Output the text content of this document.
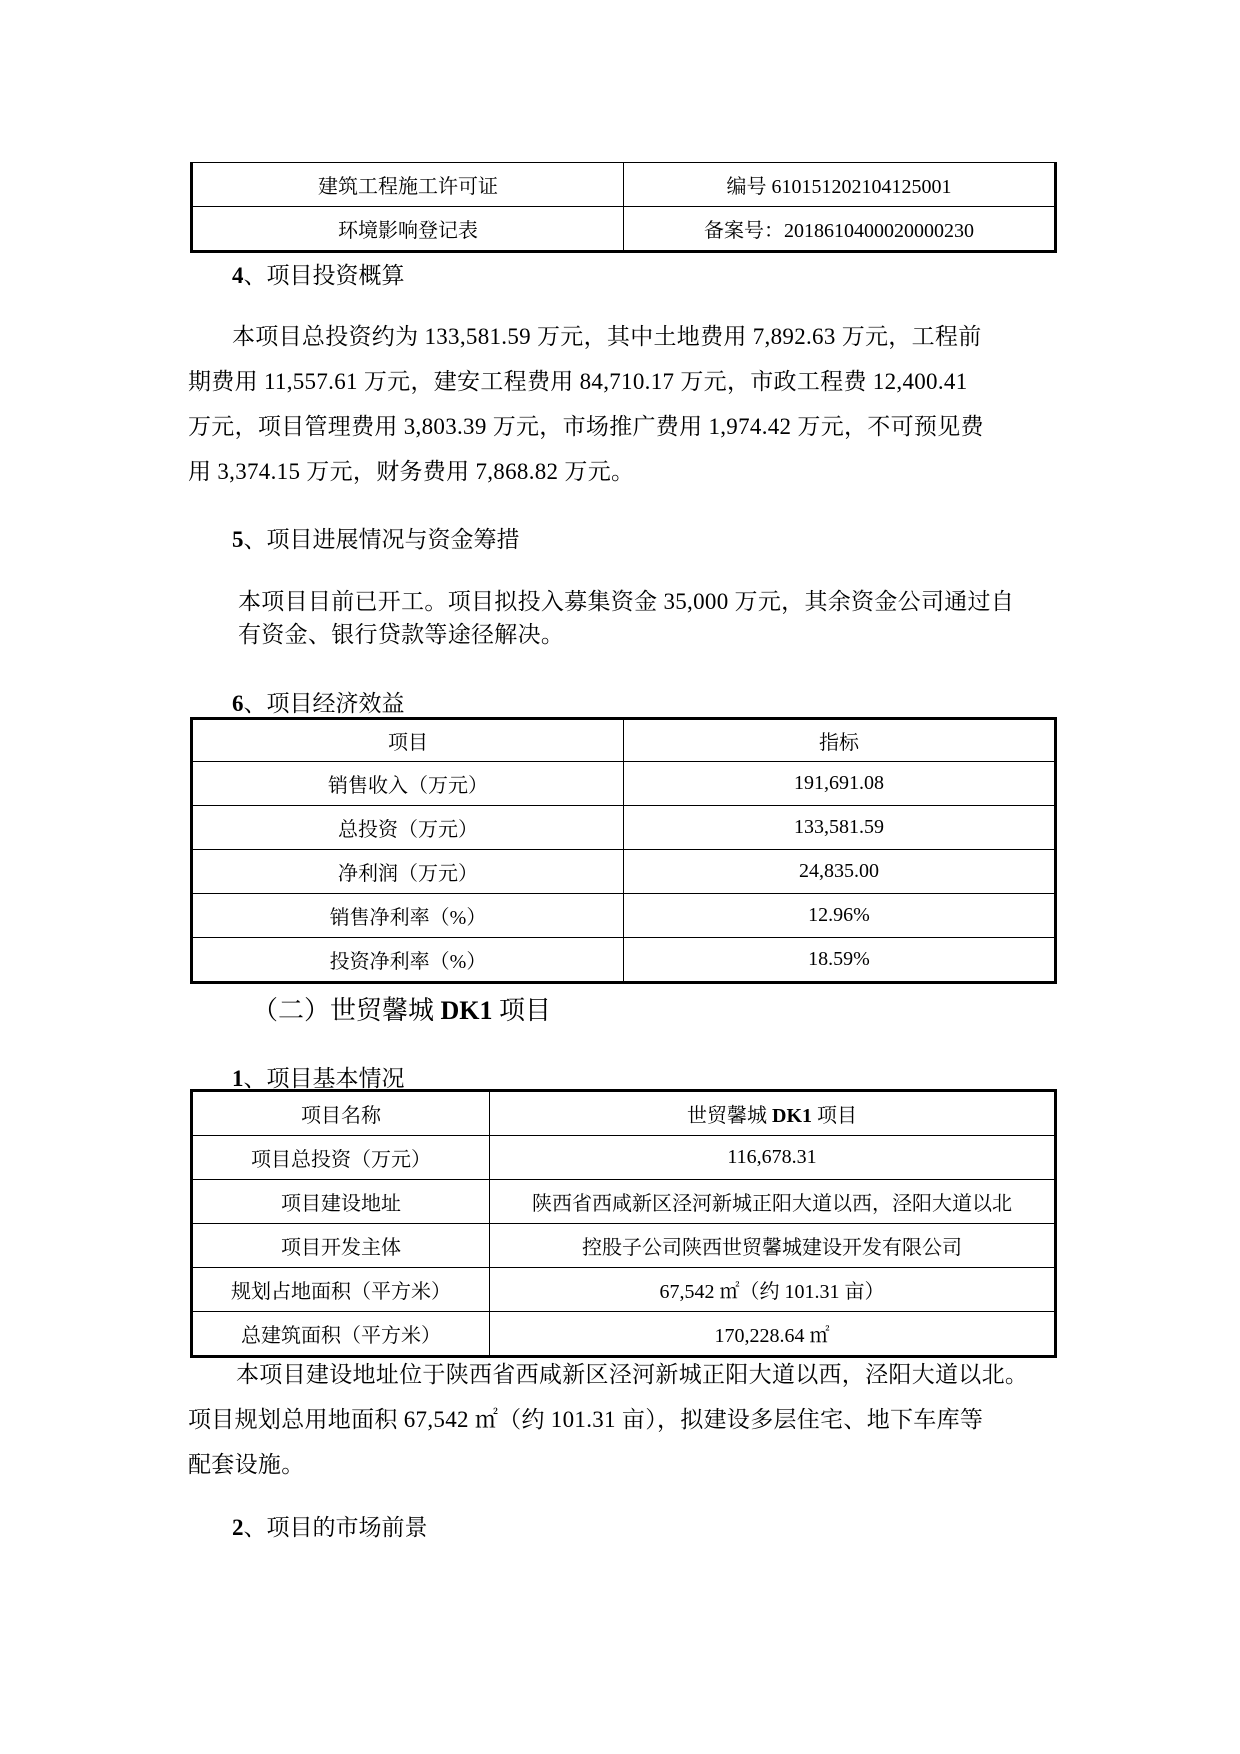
建筑工程施工许可证	编号 610151202104125001
环境影响登记表	备案号：2018610400020000230
4、项目投资概算
本项目总投资约为 133,581.59 万元，其中土地费用 7,892.63 万元，工程前
期费用 11,557.61 万元，建安工程费用 84,710.17 万元，市政工程费 12,400.41
万元，项目管理费用 3,803.39 万元，市场推广费用 1,974.42 万元，不可预见费
用 3,374.15 万元，财务费用 7,868.82 万元。
5、项目进展情况与资金筹措
本项目目前已开工。项目拟投入募集资金 35,000 万元，其余资金公司通过自
有资金、银行贷款等途径解决。
6、项目经济效益
项目	指标
销售收入（万元）	191,691.08
总投资（万元）	133,581.59
净利润（万元）	24,835.00
销售净利率（%）	12.96%
投资净利率（%）	18.59%
（二）世贸馨城 DK1 项目
1、项目基本情况
项目名称	世贸馨城 DK1 项目
项目总投资（万元）	116,678.31
项目建设地址	陕西省西咸新区泾河新城正阳大道以西，泾阳大道以北
项目开发主体	控股子公司陕西世贸馨城建设开发有限公司
规划占地面积（平方米）	67,542 ㎡（约 101.31 亩）
总建筑面积（平方米）	170,228.64 ㎡
本项目建设地址位于陕西省西咸新区泾河新城正阳大道以西，泾阳大道以北。
项目规划总用地面积 67,542 ㎡（约 101.31 亩），拟建设多层住宅、地下车库等
配套设施。
2、项目的市场前景
